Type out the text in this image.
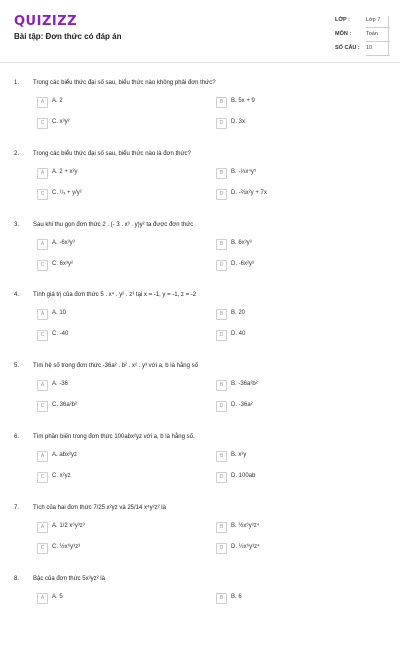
QUIZIZZ
Bài tập: Đơn thức có đáp án
LỚP :	Lớp 7
MÔN :	Toán
SỐ CÂU : 10
1. Trong các biểu thức đại số sau, biểu thức nào không phải đơn thức?
A	A. 2	B	B. 5x + 9
C	C. x³y²	D	D. 3x
2. Trong các biểu thức đại số sau, biểu thức nào là đơn thức?
A	A. 2 + x²y	B	B. -⅓x⁴y⁵
C	C. ¹/ₓ + y/y²	D	D. -⅔x²y + 7x
3. Sau khi thu gọn đơn thức 2 . (- 3 . x³ . y)y² ta được đơn thức
A	A. -6x³y³	B	B. 6x³y³
C	C. 6x³y²	D	D. -6x²y³
4. Tính giá trị của đơn thức 5 . x⁴ . y² . z³ tại x = -1, y = -1, z = -2
A	A. 10	B	B. 20
C	C. -40	D	D. 40
5. Tìm hệ số trong đơn thức -36a² . b² . x² . y³ với a, b là hằng số
A	A. -36	B	B. -36a²b²
C	C. 36a²b²	D	D. -36a²
6. Tìm phần biến trong đơn thức 100abx²yz với a, b là hằng số.
A	A. abx²yz	B	B. x²y
C	C. x²yz	D	D. 100ab
7. Tích của hai đơn thức 7/25 x²yz và 25/14 x⁴y²z² là
A	A. 1/2 x⁶y³z³	B	B. ½x⁶y³z⁴
C	C. ½x⁶y³z³	D	D. ½x⁶y³z⁴
8. Bậc của đơn thức 5x³yz² là
A	A. 5	B	B. 6
